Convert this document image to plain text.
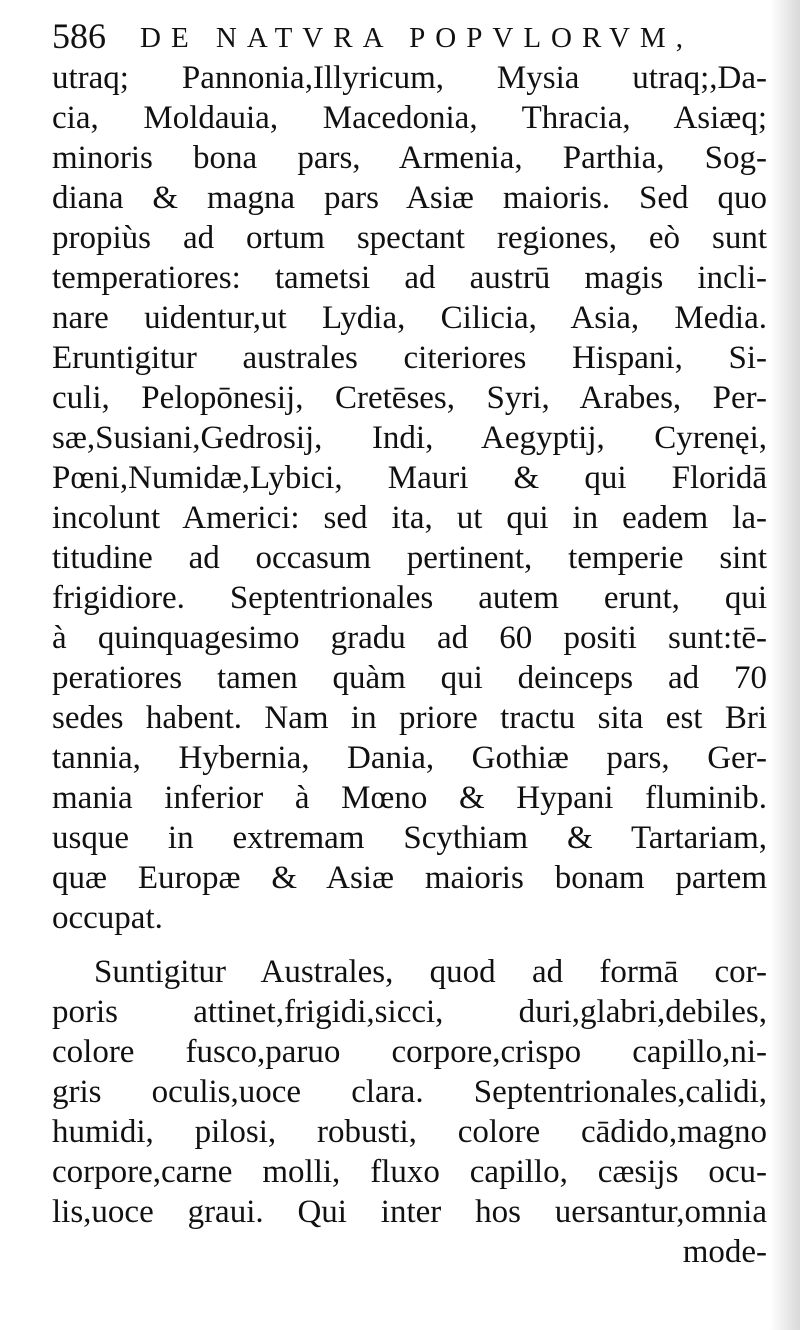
586 DE NATVRA POPVLORVM,
utraq; Pannonia,Illyricum, Mysia utraq;,Da-
cia, Moldauia, Macedonia, Thracia, Asiæq;
minoris bona pars, Armenia, Parthia, Sog-
diana & magna pars Asiæ maioris. Sed quo
propiùs ad ortum spectant regiones, eò sunt
temperatiores: tametsi ad austrū magis incli-
nare uidentur,ut Lydia, Cilicia, Asia, Media.
Eruntigitur australes citeriores Hispani, Si-
culi, Pelopōnesij, Cretēses, Syri, Arabes, Per-
sæ,Susiani,Gedrosij, Indi, Aegyptij, Cyrenęi,
Pœni,Numidæ,Lybici, Mauri & qui Floridā
incolunt Americi: sed ita, ut qui in eadem la-
titudine ad occasum pertinent, temperie sint
frigidiore. Septentrionales autem erunt, qui
à quinquagesimo gradu ad 60 positi sunt:tē-
peratiores tamen quàm qui deinceps ad 70
sedes habent. Nam in priore tractu sita est Bri
tannia, Hybernia, Dania, Gothiæ pars, Ger-
mania inferior à Mœno & Hypani fluminib.
usque in extremam Scythiam & Tartariam,
quæ Europæ & Asiæ maioris bonam partem
occupat.
Suntigitur Australes, quod ad formā cor-
poris attinet,frigidi,sicci, duri,glabri,debiles,
colore fusco,paruo corpore,crispo capillo,ni-
gris oculis,uoce clara. Septentrionales,calidi,
humidi, pilosi, robusti, colore cādido,magno
corpore,carne molli, fluxo capillo, cæsijs ocu-
lis,uoce graui. Qui inter hos uersantur,omnia
mode-
